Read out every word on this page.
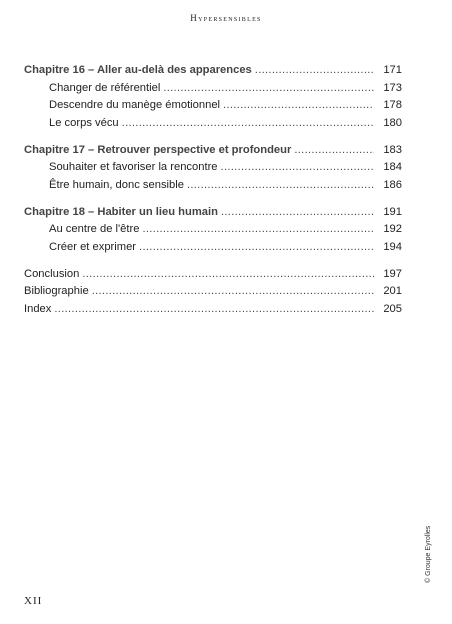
Hypersensibles
Chapitre 16 – Aller au-delà des apparences .....	171
Changer de référentiel .....	173
Descendre du manège émotionnel .....	178
Le corps vécu .....	180
Chapitre 17 – Retrouver perspective et profondeur .....	183
Souhaiter et favoriser la rencontre .....	184
Être humain, donc sensible .....	186
Chapitre 18 – Habiter un lieu humain .....	191
Au centre de l'être .....	192
Créer et exprimer .....	194
Conclusion .....	197
Bibliographie .....	201
Index .....	205
© Groupe Eyrolles
XII
